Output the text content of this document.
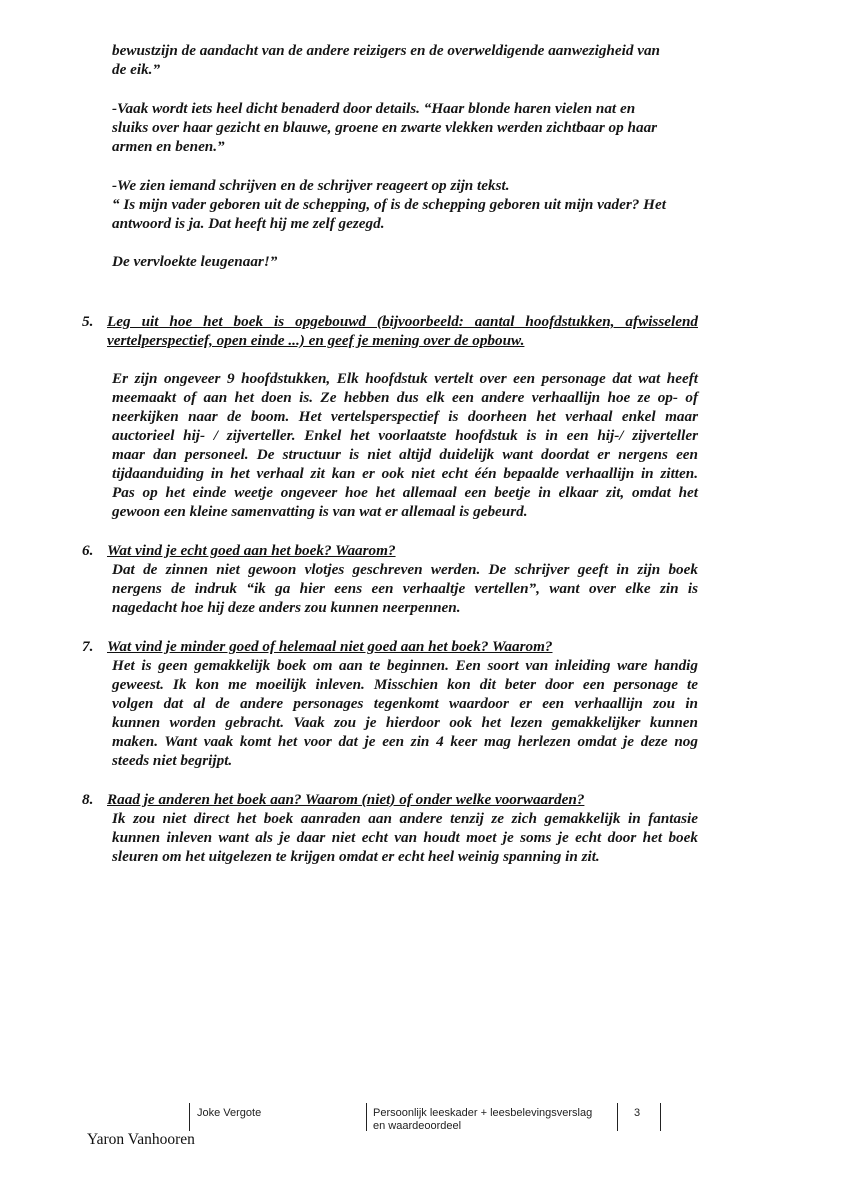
bewustzijn de aandacht van de andere reizigers en de overweldigende aanwezigheid van
de eik.”
-Vaak wordt iets heel dicht benaderd door details. “Haar blonde haren vielen nat en
sluiks over haar gezicht en blauwe, groene en zwarte vlekken werden zichtbaar op haar
armen en benen.”
-We zien iemand schrijven en de schrijver reageert op zijn tekst.
“ Is mijn vader geboren uit de schepping, of is de schepping geboren uit mijn vader? Het
antwoord is ja. Dat heeft hij me zelf gezegd.
De vervloekte leugenaar!”
5. Leg uit hoe het boek is opgebouwd (bijvoorbeeld: aantal hoofdstukken, afwisselend
vertelperspectief, open einde ...) en geef je mening over de opbouw.
Er zijn ongeveer 9 hoofdstukken, Elk hoofdstuk vertelt over een personage dat wat heeft
meemaakt of aan het doen is. Ze hebben dus elk een andere verhaallijn hoe ze op- of
neerkijken naar de boom. Het vertelsperspectief is doorheen het verhaal enkel maar
auctorieel hij- / zijverteller. Enkel het voorlaatste hoofdstuk is in een hij-/ zijverteller
maar dan personeel. De structuur is niet altijd duidelijk want doordat er nergens een
tijdaanduiding in het verhaal zit kan er ook niet echt één bepaalde verhaallijn in zitten.
Pas op het einde weetje ongeveer hoe het allemaal een beetje in elkaar zit, omdat het
gewoon een kleine samenvatting is van wat er allemaal is gebeurd.
6. Wat vind je echt goed aan het boek? Waarom?
Dat de zinnen niet gewoon vlotjes geschreven werden. De schrijver geeft in zijn boek
nergens de indruk “ik ga hier eens een verhaaltje vertellen”, want over elke zin is
nagedacht hoe hij deze anders zou kunnen neerpennen.
7. Wat vind je minder goed of helemaal niet goed aan het boek? Waarom?
Het is geen gemakkelijk boek om aan te beginnen. Een soort van inleiding ware handig
geweest. Ik kon me moeilijk inleven. Misschien kon dit beter door een personage te
volgen dat al de andere personages tegenkomt waardoor er een verhaallijn zou in
kunnen worden gebracht. Vaak zou je hierdoor ook het lezen gemakkelijker kunnen
maken. Want vaak komt het voor dat je een zin 4 keer mag herlezen omdat je deze nog
steeds niet begrijpt.
8. Raad je anderen het boek aan? Waarom (niet) of onder welke voorwaarden?
Ik zou niet direct het boek aanraden aan andere tenzij ze zich gemakkelijk in fantasie
kunnen inleven want als je daar niet echt van houdt moet je soms je echt door het boek
sleuren om het uitgelezen te krijgen omdat er echt heel weinig spanning in zit.
Joke Vergote	Persoonlijk leeskader + leesbelevingsverslag
en waardeoordeel
3
Yaron Vanhooren
